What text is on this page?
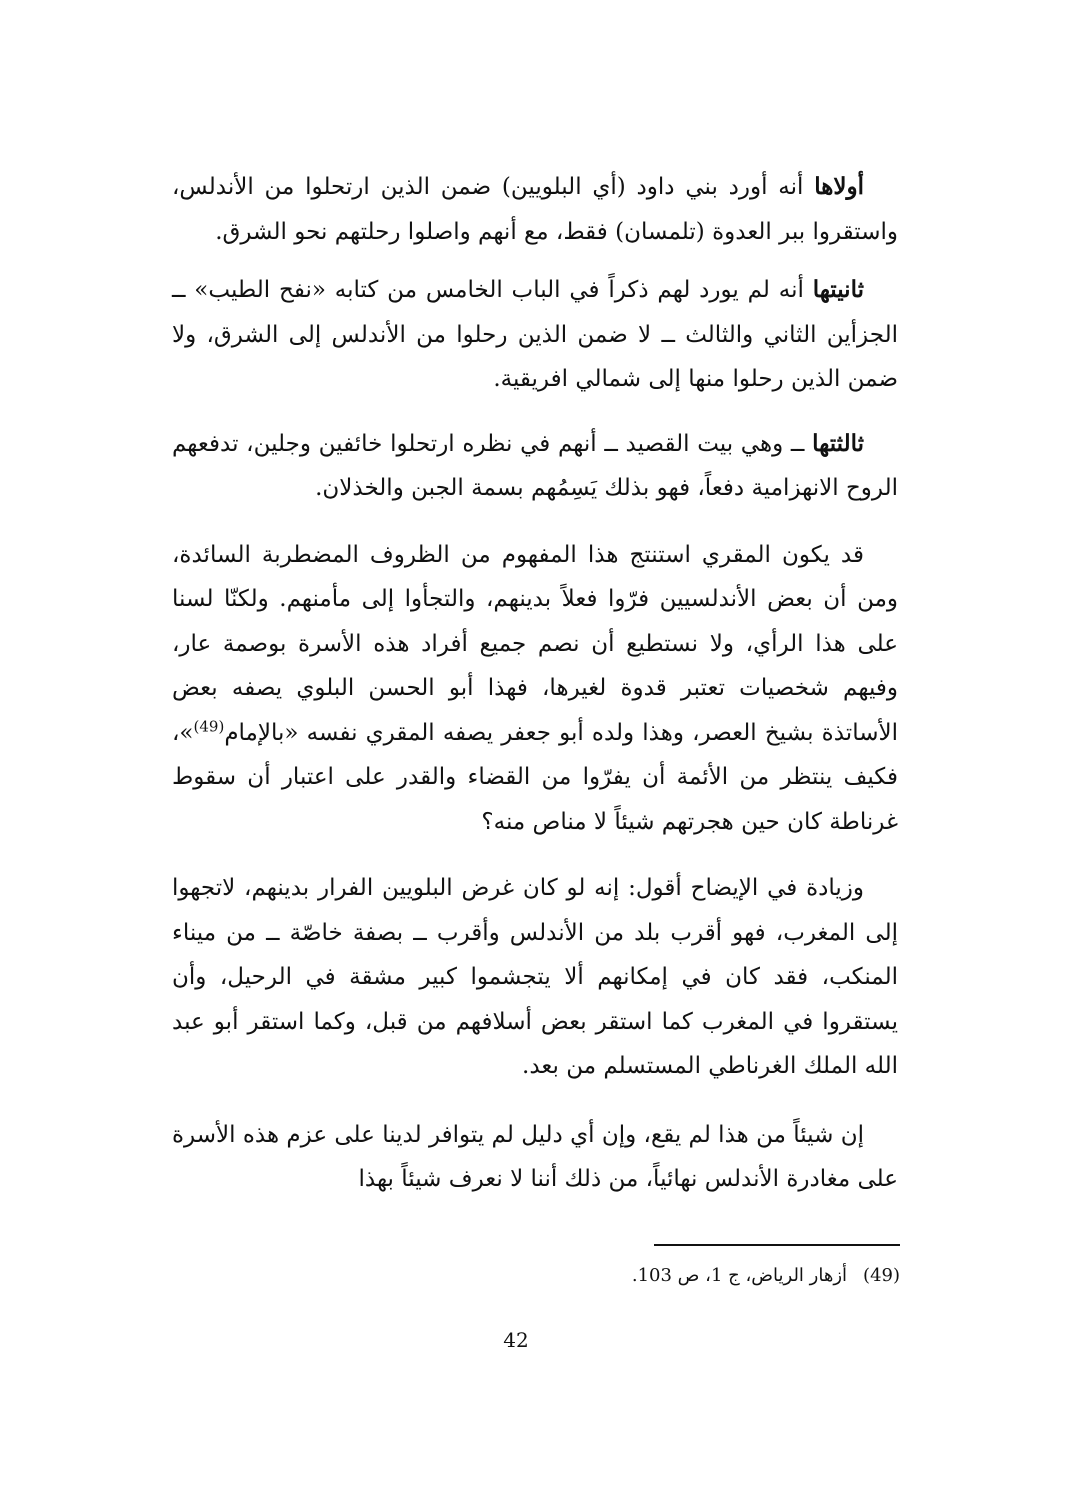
أولاها أنه أورد بني داود (أي البلويين) ضمن الذين ارتحلوا من الأندلس، واستقروا ببر العدوة (تلمسان) فقط، مع أنهم واصلوا رحلتهم نحو الشرق.

ثانيتها أنه لم يورد لهم ذكراً في الباب الخامس من كتابه «نفح الطيب» ــ الجزأين الثاني والثالث ــ لا ضمن الذين رحلوا من الأندلس إلى الشرق، ولا ضمن الذين رحلوا منها إلى شمالي افريقية.

ثالثتها ــ وهي بيت القصيد ــ أنهم في نظره ارتحلوا خائفين وجلين، تدفعهم الروح الانهزامية دفعاً، فهو بذلك يَسِمُهم بسمة الجبن والخذلان.

قد يكون المقري استنتج هذا المفهوم من الظروف المضطربة السائدة، ومن أن بعض الأندلسيين فرّوا فعلاً بدينهم، والتجأوا إلى مأمنهم. ولكنّا لسنا على هذا الرأي، ولا نستطيع أن نصم جميع أفراد هذه الأسرة بوصمة عار، وفيهم شخصيات تعتبر قدوة لغيرها، فهذا أبو الحسن البلوي يصفه بعض الأساتذة بشيخ العصر، وهذا ولده أبو جعفر يصفه المقري نفسه «بالإمام$^{(49)}$»، فكيف ينتظر من الأئمة أن يفرّوا من القضاء والقدر على اعتبار أن سقوط غرناطة كان حين هجرتهم شيئاً لا مناص منه؟

وزيادة في الإيضاح أقول: إنه لو كان غرض البلويين الفرار بدينهم، لاتجهوا إلى المغرب، فهو أقرب بلد من الأندلس وأقرب ــ بصفة خاصّة ــ من ميناء المنكب، فقد كان في إمكانهم ألا يتجشموا كبير مشقة في الرحيل، وأن يستقروا في المغرب كما استقر بعض أسلافهم من قبل، وكما استقر أبو عبد الله الملك الغرناطي المستسلم من بعد.

إن شيئاً من هذا لم يقع، وإن أي دليل لم يتوافر لدينا على عزم هذه الأسرة على مغادرة الأندلس نهائياً، من ذلك أننا لا نعرف شيئاً بهذا

(49)أزهار الرياض، ج 1، ص 103.
42
